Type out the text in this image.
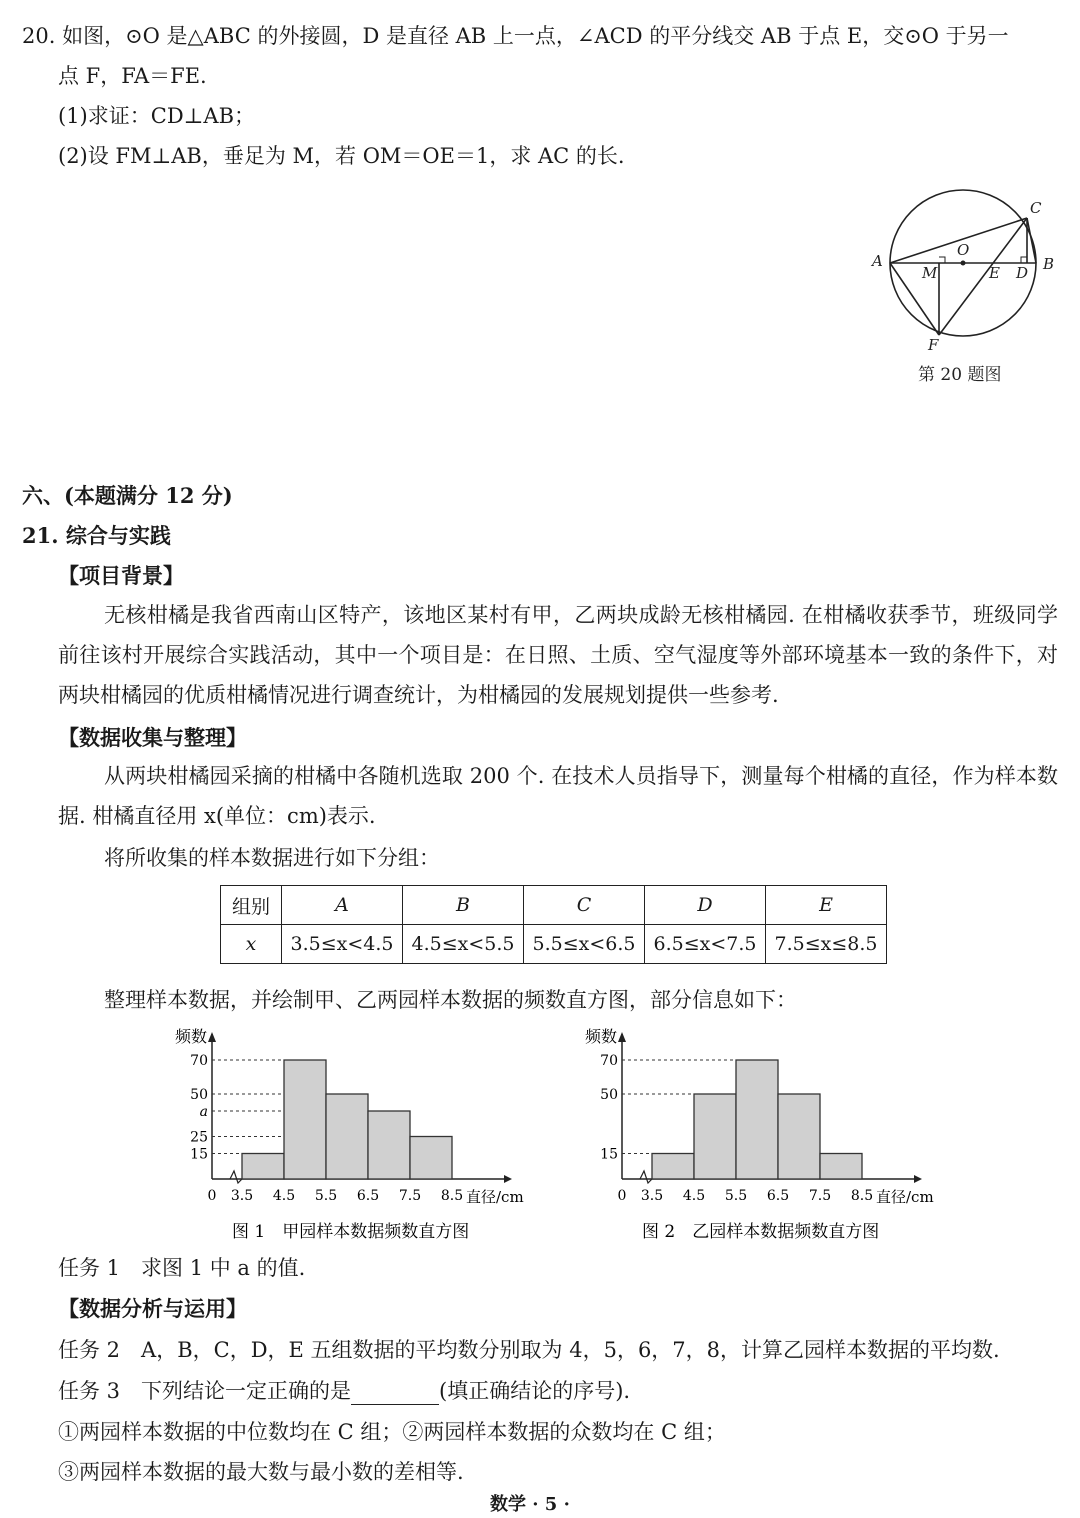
20. 如图，⊙O 是△ABC 的外接圆，D 是直径 AB 上一点，∠ACD 的平分线交 AB 于点 E，交⊙O 于另一
点 F，FA＝FE.
(1)求证：CD⊥AB；
(2)设 FM⊥AB，垂足为 M，若 OM＝OE＝1，求 AC 的长.
A	B
C
O
M	E D
F
第 20 题图
六、(本题满分 12 分)
21. 综合与实践
【项目背景】
无核柑橘是我省西南山区特产，该地区某村有甲，乙两块成龄无核柑橘园. 在柑橘收获季节，班级同学前往该村开展综合实践活动，其中一个项目是：在日照、土质、空气湿度等外部环境基本一致的条件下，对两块柑橘园的优质柑橘情况进行调查统计，为柑橘园的发展规划提供一些参考.
【数据收集与整理】
从两块柑橘园采摘的柑橘中各随机选取 200 个. 在技术人员指导下，测量每个柑橘的直径，作为样本数据. 柑橘直径用 x(单位：cm)表示.
将所收集的样本数据进行如下分组：
组别	A	B	C	D	E
x	3.5≤x<4.5	4.5≤x<5.5	5.5≤x<6.5	6.5≤x<7.5	7.5≤x≤8.5
整理样本数据，并绘制甲、乙两园样本数据的频数直方图，部分信息如下：
15
25
a
50
70
0 3.5 4.5 5.5 6.5 7.5 8.5 直径/cm
频数
图 1　甲园样本数据频数直方图
15
50
70
0 3.5 4.5 5.5 6.5 7.5 8.5 直径/cm
频数
图 2　乙园样本数据频数直方图
任务 1　求图 1 中 a 的值.
【数据分析与运用】
任务 2　A，B，C，D，E 五组数据的平均数分别取为 4，5，6，7，8，计算乙园样本数据的平均数.
任务 3　下列结论一定正确的是	(填正确结论的序号).
①两园样本数据的中位数均在 C 组；②两园样本数据的众数均在 C 组；
③两园样本数据的最大数与最小数的差相等.
数学 · 5 ·
